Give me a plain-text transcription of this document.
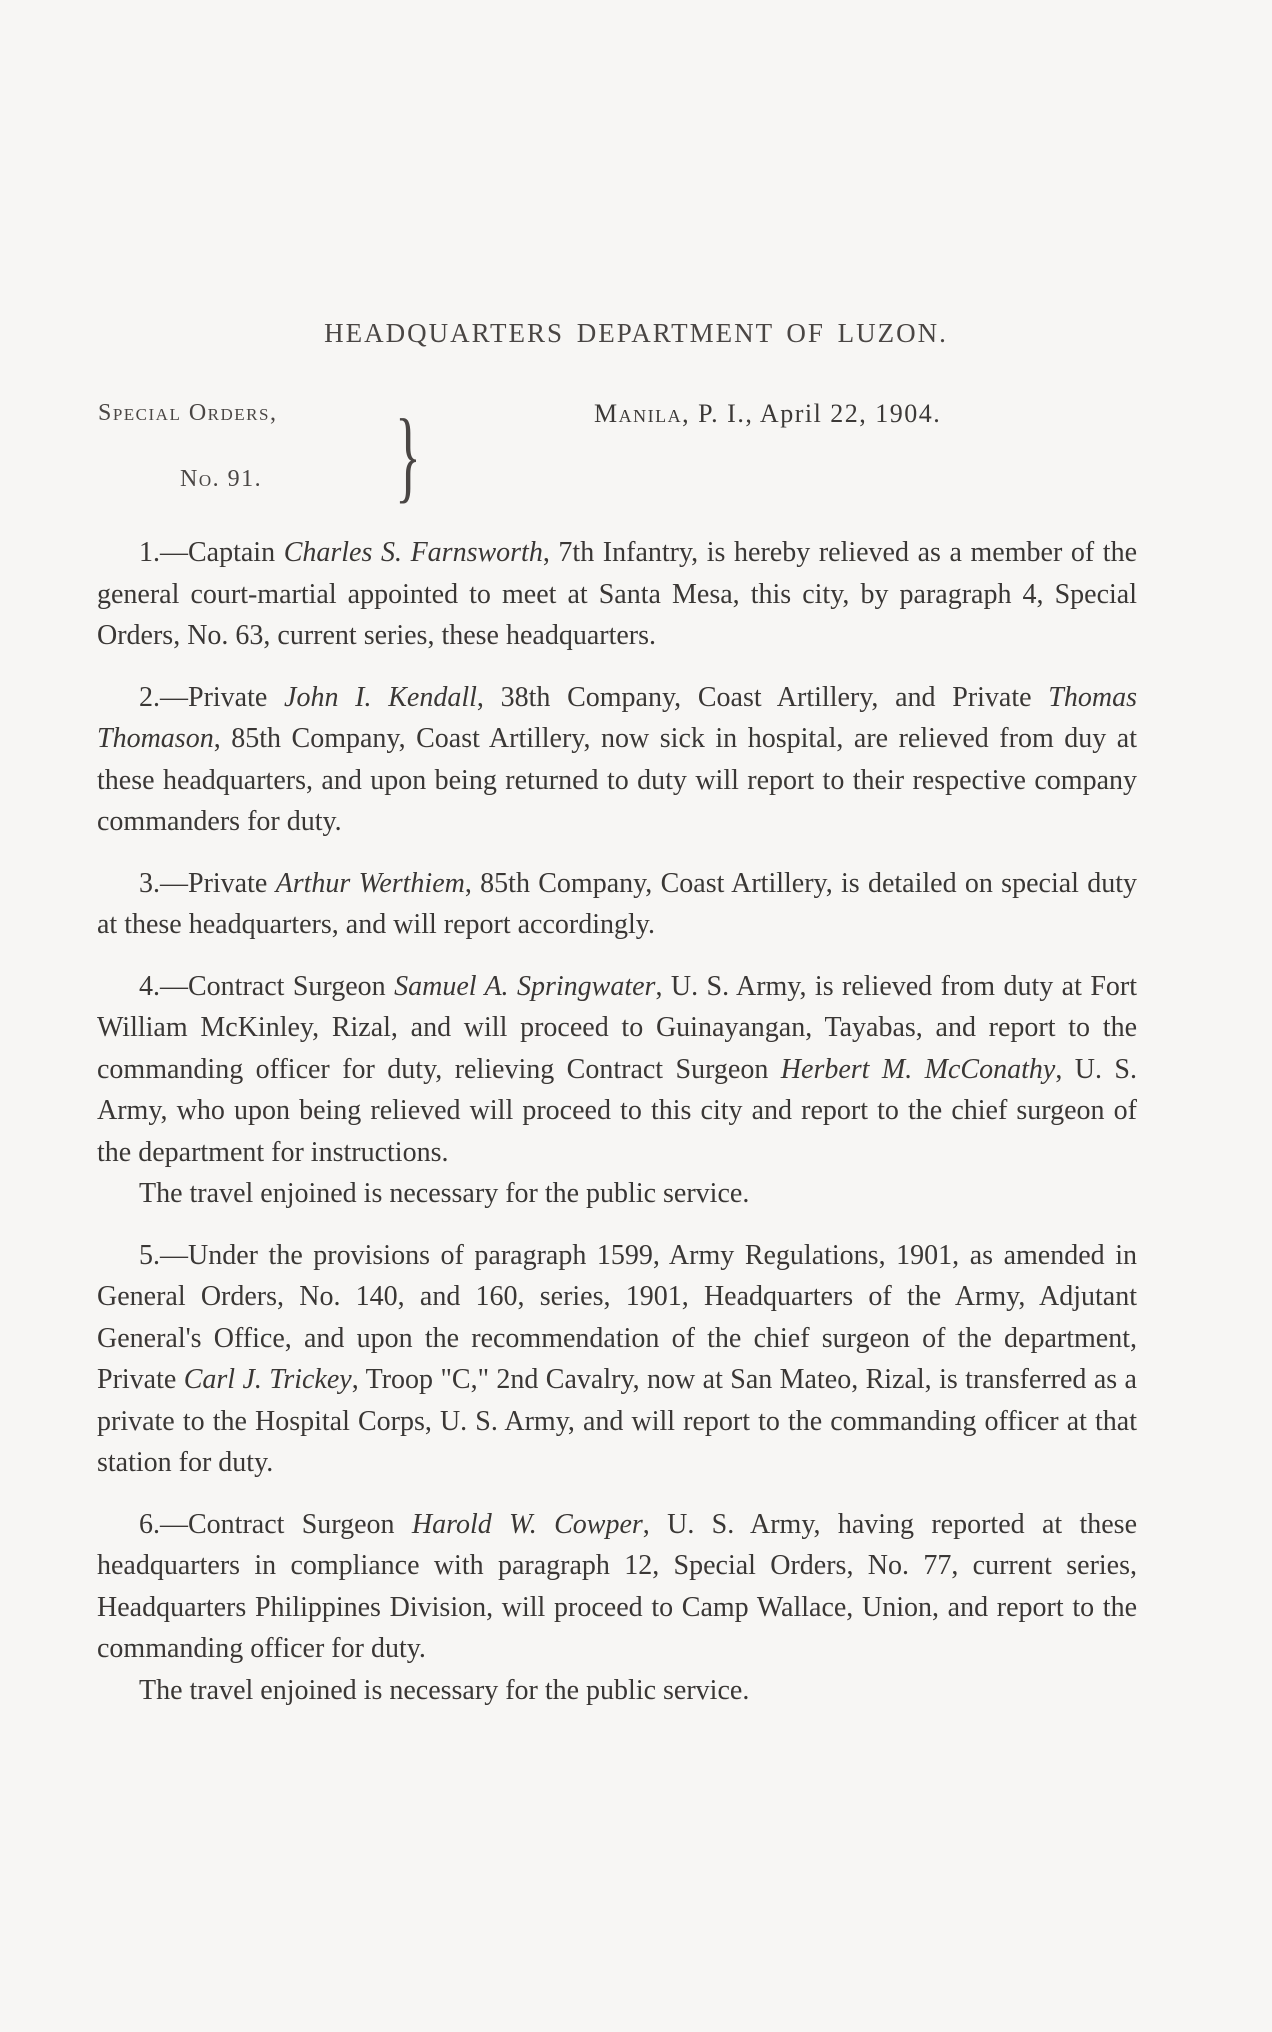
HEADQUARTERS DEPARTMENT OF LUZON.
Special Orders, }
No. 91.
Manila, P. I., April 22, 1904.

1.—Captain Charles S. Farnsworth, 7th Infantry, is hereby relieved as a member of the general court-martial appointed to meet at Santa Mesa, this city, by paragraph 4, Special Orders, No. 63, current series, these headquarters.

2.—Private John I. Kendall, 38th Company, Coast Artillery, and Private Thomas Thomason, 85th Company, Coast Artillery, now sick in hospital, are relieved from duy at these headquarters, and upon being returned to duty will report to their respective company commanders for duty.

3.—Private Arthur Werthiem, 85th Company, Coast Artillery, is detailed on special duty at these headquarters, and will report accordingly.

4.—Contract Surgeon Samuel A. Springwater, U. S. Army, is relieved from duty at Fort William McKinley, Rizal, and will proceed to Guinayangan, Tayabas, and report to the commanding officer for duty, relieving Contract Surgeon Herbert M. McConathy, U. S. Army, who upon being relieved will proceed to this city and report to the chief surgeon of the department for instructions.

The travel enjoined is necessary for the public service.

5.—Under the provisions of paragraph 1599, Army Regulations, 1901, as amended in General Orders, No. 140, and 160, series, 1901, Headquarters of the Army, Adjutant General's Office, and upon the recommendation of the chief surgeon of the department, Private Carl J. Trickey, Troop "C," 2nd Cavalry, now at San Mateo, Rizal, is transferred as a private to the Hospital Corps, U. S. Army, and will report to the commanding officer at that station for duty.

6.—Contract Surgeon Harold W. Cowper, U. S. Army, having reported at these headquarters in compliance with paragraph 12, Special Orders, No. 77, current series, Headquarters Philippines Division, will proceed to Camp Wallace, Union, and report to the commanding officer for duty.

The travel enjoined is necessary for the public service.
